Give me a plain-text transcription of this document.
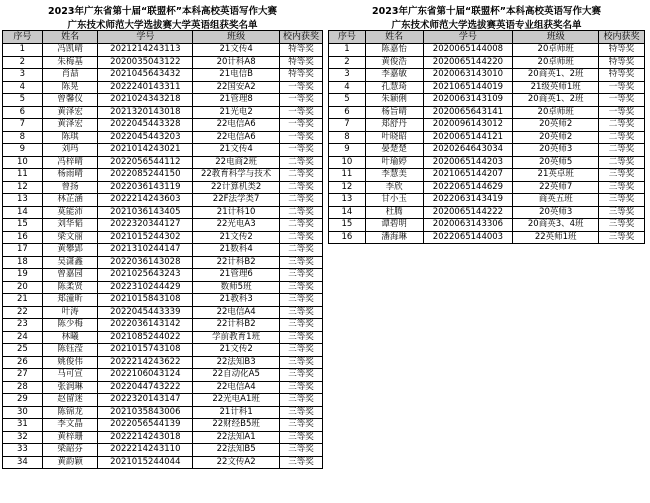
2023年广东省第十届“联盟杯”本科高校英语写作大赛
广东技术师范大学选拔赛大学英语组获奖名单
序号	姓名	学号	班级	校内获奖
1	冯凯晴	2021214243113	21文传4	特等奖
2	朱梅基	2020035043122	20计科A8	特等奖
3	肖喆	2021045643432	21电信B	特等奖
4	陈晃	2022240143311	22国安A2	一等奖
5	曾馨仪	2021024343218	21管理8	一等奖
6	黄泽宏	2021320143018	21光电2	一等奖
7	黄泽宏	2022045443328	22电信A6	一等奖
8	陈琪	2022045443203	22电信A6	一等奖
9	刘玛	2021014243021	21文传4	一等奖
10	冯梓晴	2022056544112	22电商2班	二等奖
11	杨雨晴	2022085244150	22教育科学与技术	二等奖
12	曾扬	2022036143119	22计算机类2	二等奖
13	林芷涵	2022214243603	22F法学类7	二等奖
14	莫能沛	2021036143405	21计科10	二等奖
15	刘华韬	2022320344127	22光电A3	二等奖
16	梁文丽	2021015244302	21文传2	二等奖
17	黄攀郢	2021310244147	21数科4	二等奖
18	吴潇鑫	2022036143028	22计科B2	三等奖
19	曾嘉园	2021025643243	21管理6	三等奖
20	陈柔贤	2022310244429	数师5班	三等奖
21	郑潼昕	2021015843108	21教科3	三等奖
22	叶涛	2022045443339	22电信A4	三等奖
23	陈少梅	2022036143142	22计科B2	三等奖
24	林曦	2021085244022	学前教育1班	三等奖
25	陈钰滢	2021015743108	21文传2	三等奖
26	姚俊伟	2022214243622	22法知B3	三等奖
27	马可宣	2022106043124	22自动化A5	三等奖
28	张润琳	2022044743222	22电信A4	三等奖
29	赵留迷	2022320143147	22光电A1班	三等奖
30	陈锦龙	2021035843006	21计科1	三等奖
31	李文晶	2022056544139	22财经B5班	三等奖
32	黄梓珊	2022214243018	22法知A1	三等奖
33	梁韶芬	2022214243110	22法知B5	三等奖
34	黄韵颖	2021015244044	22文传A2	三等奖
2023年广东省第十届“联盟杯”本科高校英语写作大赛
广东技术师范大学选拔赛英语专业组获奖名单
序号	姓名	学号	班级	校内获奖
1	陈嘉怡	2020065144008	20卓师班	特等奖
2	黄俊浩	2020065144220	20卓师班	特等奖
3	李嘉敏	2020063143010	20商英1、2班	特等奖
4	孔慧琦	2021065144019	21级英师1班	一等奖
5	朱颖俐	2020063143109	20商英1、2班	一等奖
6	杨旨晴	2020065643141	20卓师班	一等奖
7	郑舒丹	2020096143012	20英师2	二等奖
8	叶晓昭	2020065144121	20英师2	二等奖
9	晏楚楚	2020264643034	20英师3	二等奖
10	叶瑜婷	2020065144203	20英师5	二等奖
11	李慧美	2021065144207	21英卓班	三等奖
12	李欣	2022065144629	22英师7	三等奖
13	甘小玉	2022063143419	商英五班	三等奖
14	杜腾	2020065144222	20英师3	三等奖
15	谭碧明	2020063143306	20商英3、4班	三等奖
16	潘海琳	2022065144003	22英师1班	三等奖
